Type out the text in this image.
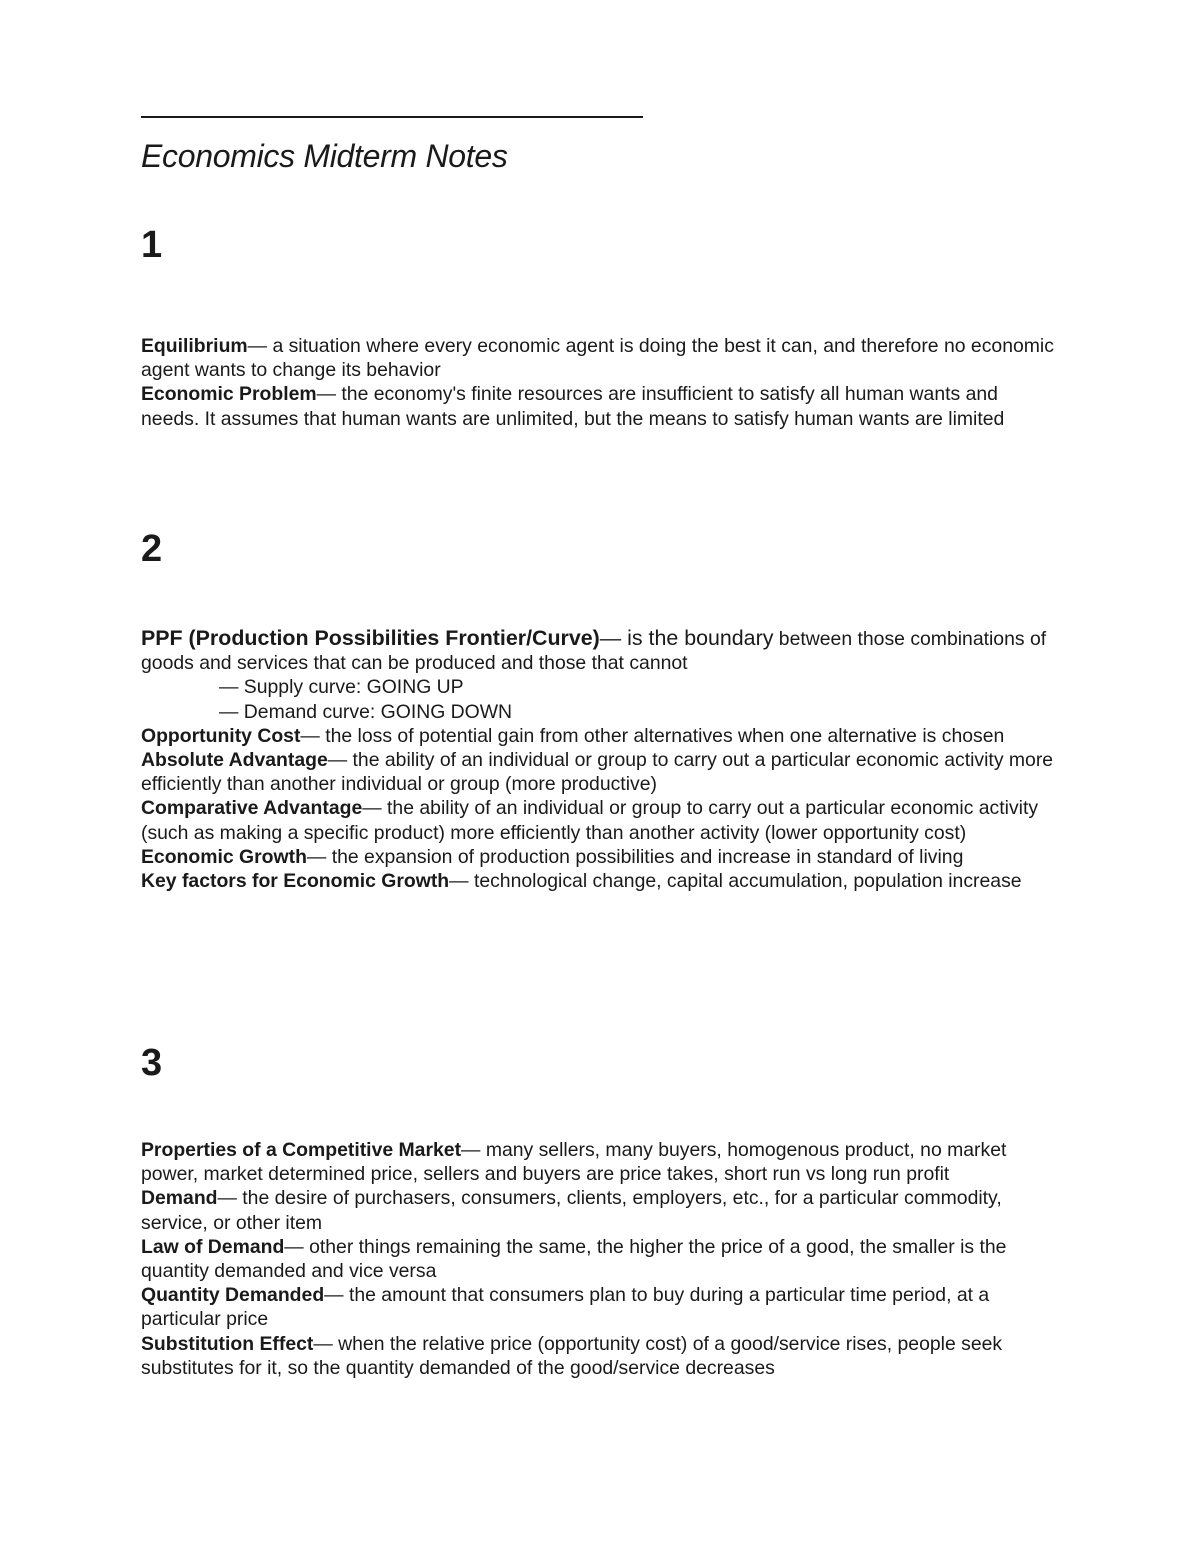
Economics Midterm Notes
1

Equilibrium— a situation where every economic agent is doing the best it can, and therefore no economic agent wants to change its behavior

Economic Problem— the economy's finite resources are insufficient to satisfy all human wants and needs. It assumes that human wants are unlimited, but the means to satisfy human wants are limited

2

PPF (Production Possibilities Frontier/Curve)— is the boundary between those combinations of goods and services that can be produced and those that cannot

— Supply curve: GOING UP
— Demand curve: GOING DOWN

Opportunity Cost— the loss of potential gain from other alternatives when one alternative is chosen

Absolute Advantage— the ability of an individual or group to carry out a particular economic activity more efficiently than another individual or group (more productive)

Comparative Advantage— the ability of an individual or group to carry out a particular economic activity (such as making a specific product) more efficiently than another activity (lower opportunity cost)

Economic Growth— the expansion of production possibilities and increase in standard of living

Key factors for Economic Growth— technological change, capital accumulation, population increase

3

Properties of a Competitive Market— many sellers, many buyers, homogenous product, no market power, market determined price, sellers and buyers are price takes, short run vs long run profit

Demand— the desire of purchasers, consumers, clients, employers, etc., for a particular commodity, service, or other item

Law of Demand— other things remaining the same, the higher the price of a good, the smaller is the quantity demanded and vice versa

Quantity Demanded— the amount that consumers plan to buy during a particular time period, at a particular price

Substitution Effect— when the relative price (opportunity cost) of a good/service rises, people seek substitutes for it, so the quantity demanded of the good/service decreases
